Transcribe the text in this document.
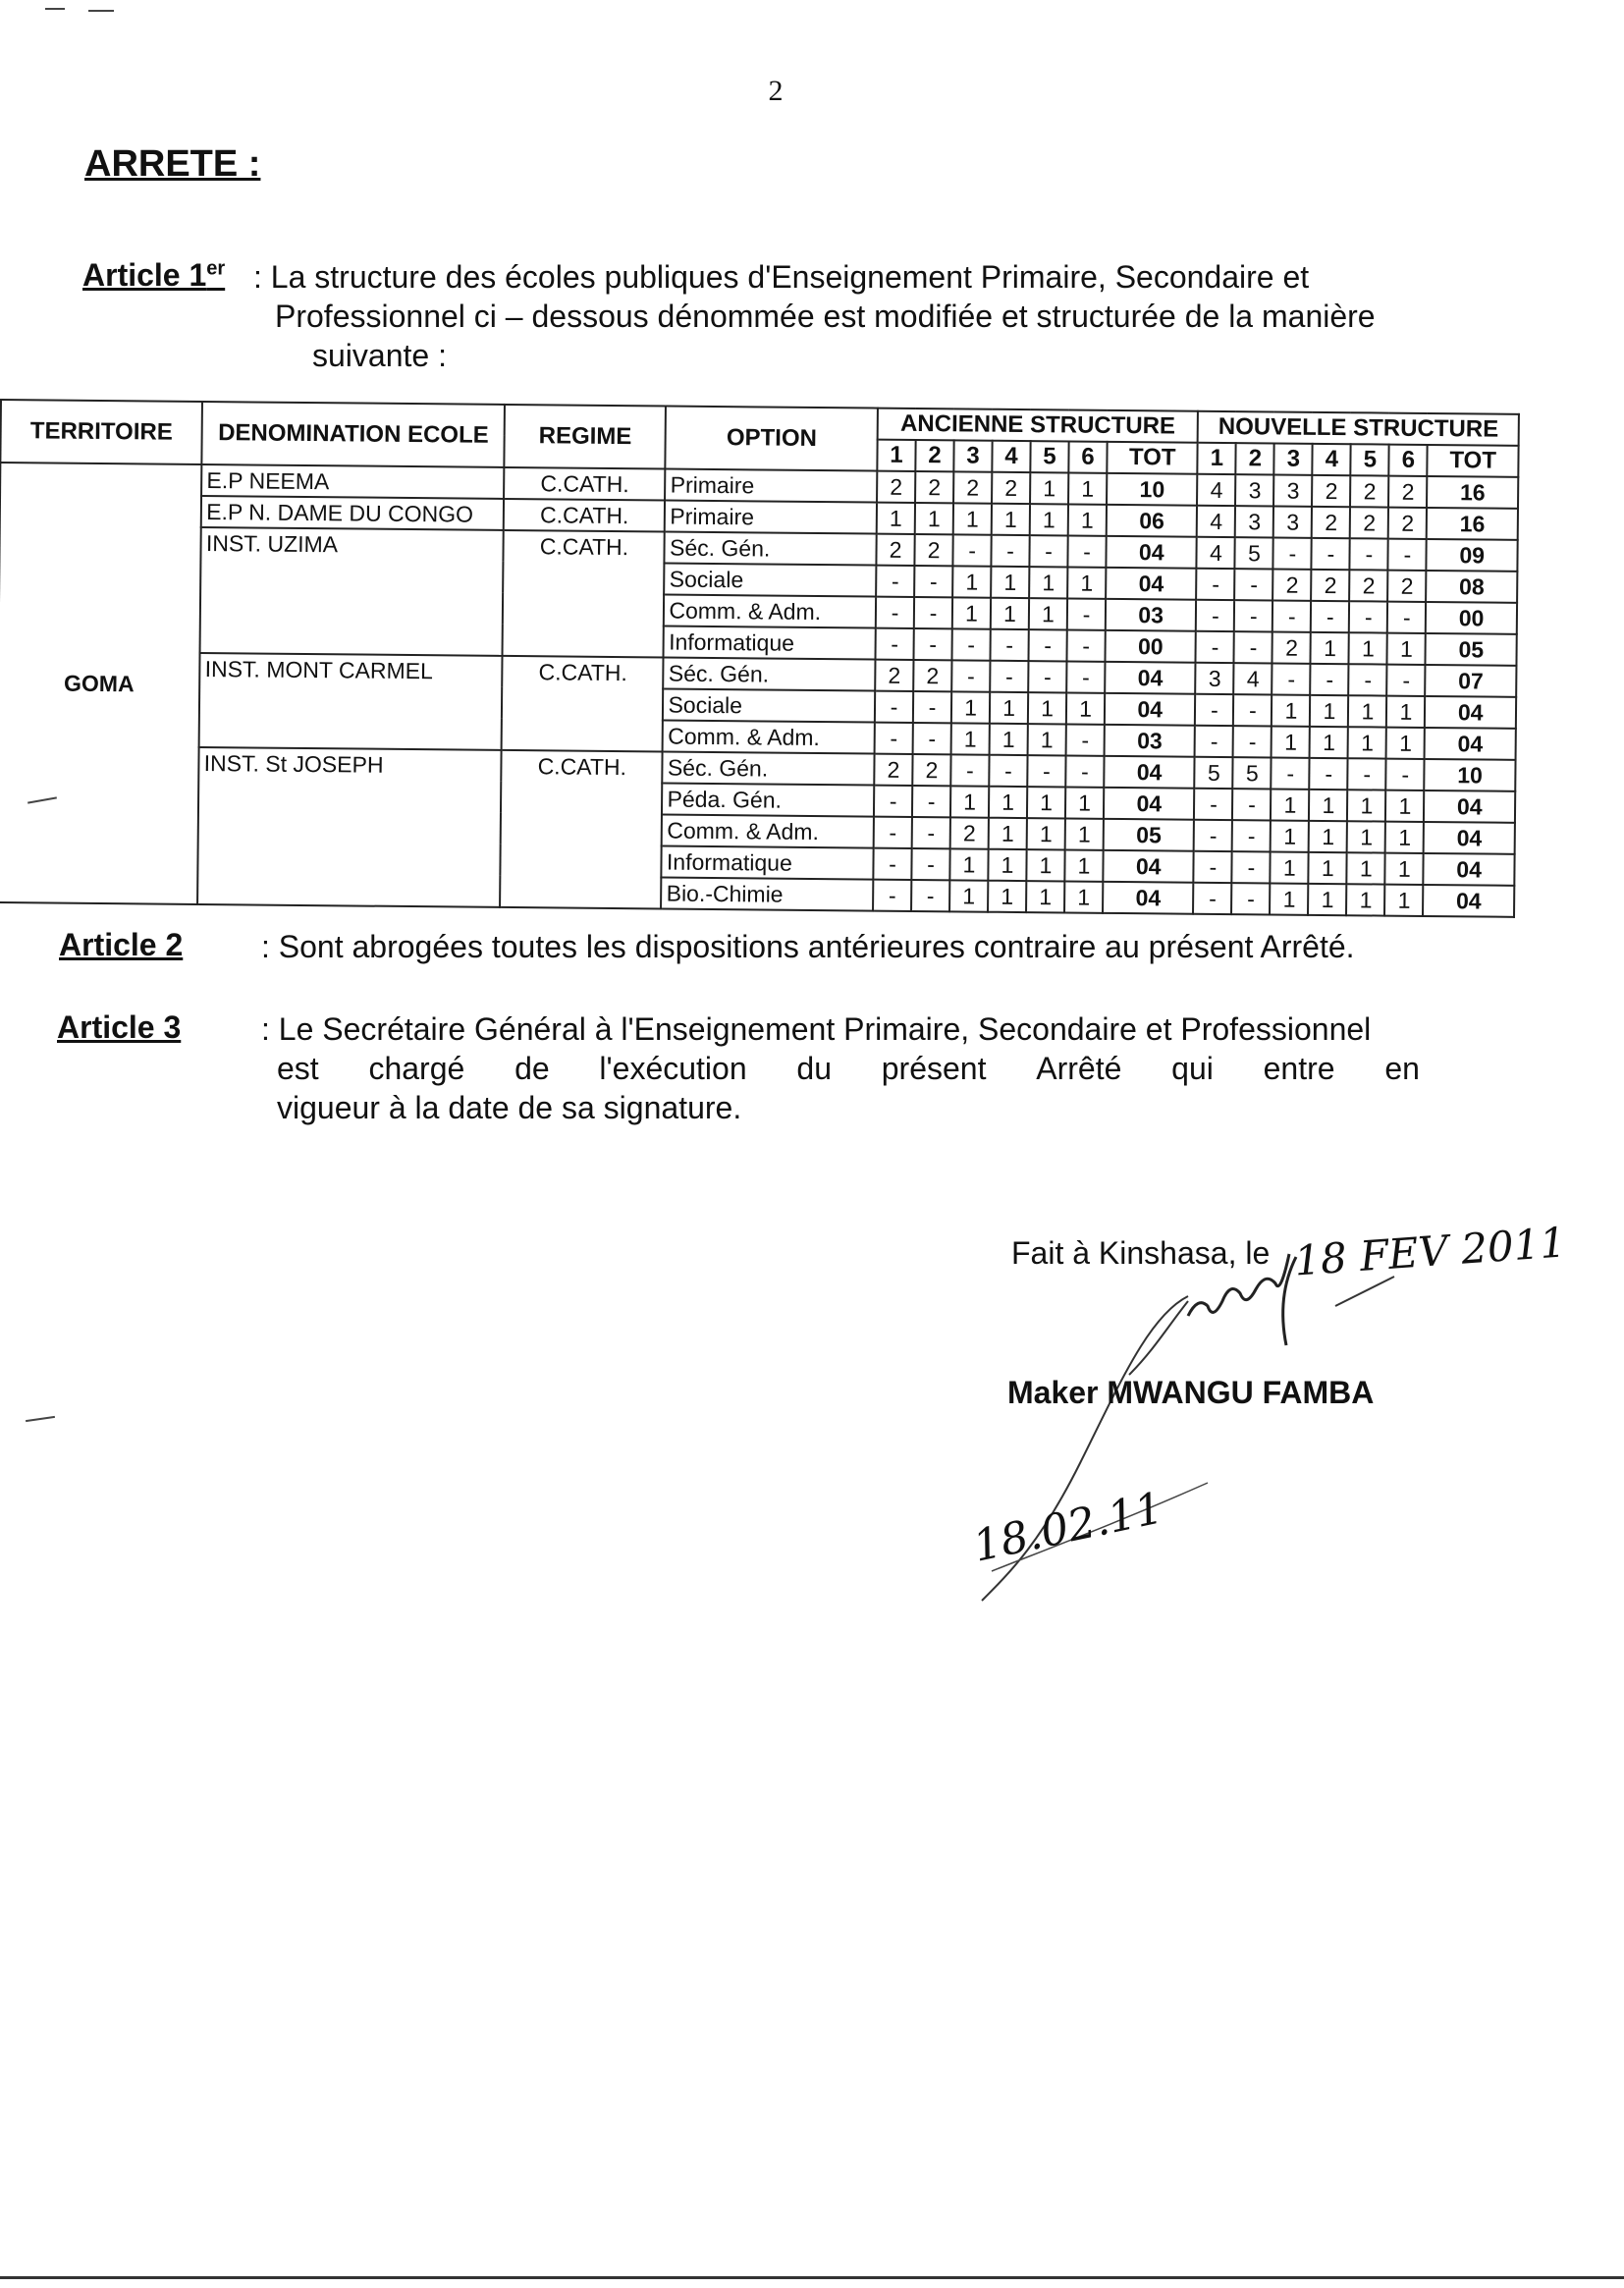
2
ARRETE :
Article 1er : La structure des écoles publiques d'Enseignement Primaire, Secondaire et
Professionnel ci – dessous dénommée est modifiée et structurée de la manière
suivante :
TERRITOIRE	DENOMINATION ECOLE	REGIME	OPTION	ANCIENNE STRUCTURE							NOUVELLE STRUCTURE						
				1	2	3	4	5	6	TOT	1	2	3	4	5	6	TOT
GOMA	E.P NEEMA	C.CATH.	Primaire	2	2	2	2	1	1	10	4	3	3	2	2	2	16
	E.P N. DAME DU CONGO	C.CATH.	Primaire	1	1	1	1	1	1	06	4	3	3	2	2	2	16
	INST. UZIMA	C.CATH.	Séc. Gén.	2	2	-	-	-	-	04	4	5	-	-	-	-	09
			Sociale	-	-	1	1	1	1	04	-	-	2	2	2	2	08
			Comm. & Adm.	-	-	1	1	1	-	03	-	-	-	-	-	-	00
			Informatique	-	-	-	-	-	-	00	-	-	2	1	1	1	05
	INST. MONT CARMEL	C.CATH.	Séc. Gén.	2	2	-	-	-	-	04	3	4	-	-	-	-	07
			Sociale	-	-	1	1	1	1	04	-	-	1	1	1	1	04
			Comm. & Adm.	-	-	1	1	1	-	03	-	-	1	1	1	1	04
	INST. St JOSEPH	C.CATH.	Séc. Gén.	2	2	-	-	-	-	04	5	5	-	-	-	-	10
			Péda. Gén.	-	-	1	1	1	1	04	-	-	1	1	1	1	04
			Comm. & Adm.	-	-	2	1	1	1	05	-	-	1	1	1	1	04
			Informatique	-	-	1	1	1	1	04	-	-	1	1	1	1	04
			Bio.-Chimie	-	-	1	1	1	1	04	-	-	1	1	1	1	04
Article 2 : Sont abrogées toutes les dispositions antérieures contraire au présent Arrêté.
Article 3	: Le Secrétaire Général à l'Enseignement Primaire, Secondaire et Professionnel
est chargé de l'exécution du présent Arrêté qui entre en
vigueur à la date de sa signature.
Fait à Kinshasa, le 18 FEV 2011
Maker MWANGU FAMBA
18.02.11
